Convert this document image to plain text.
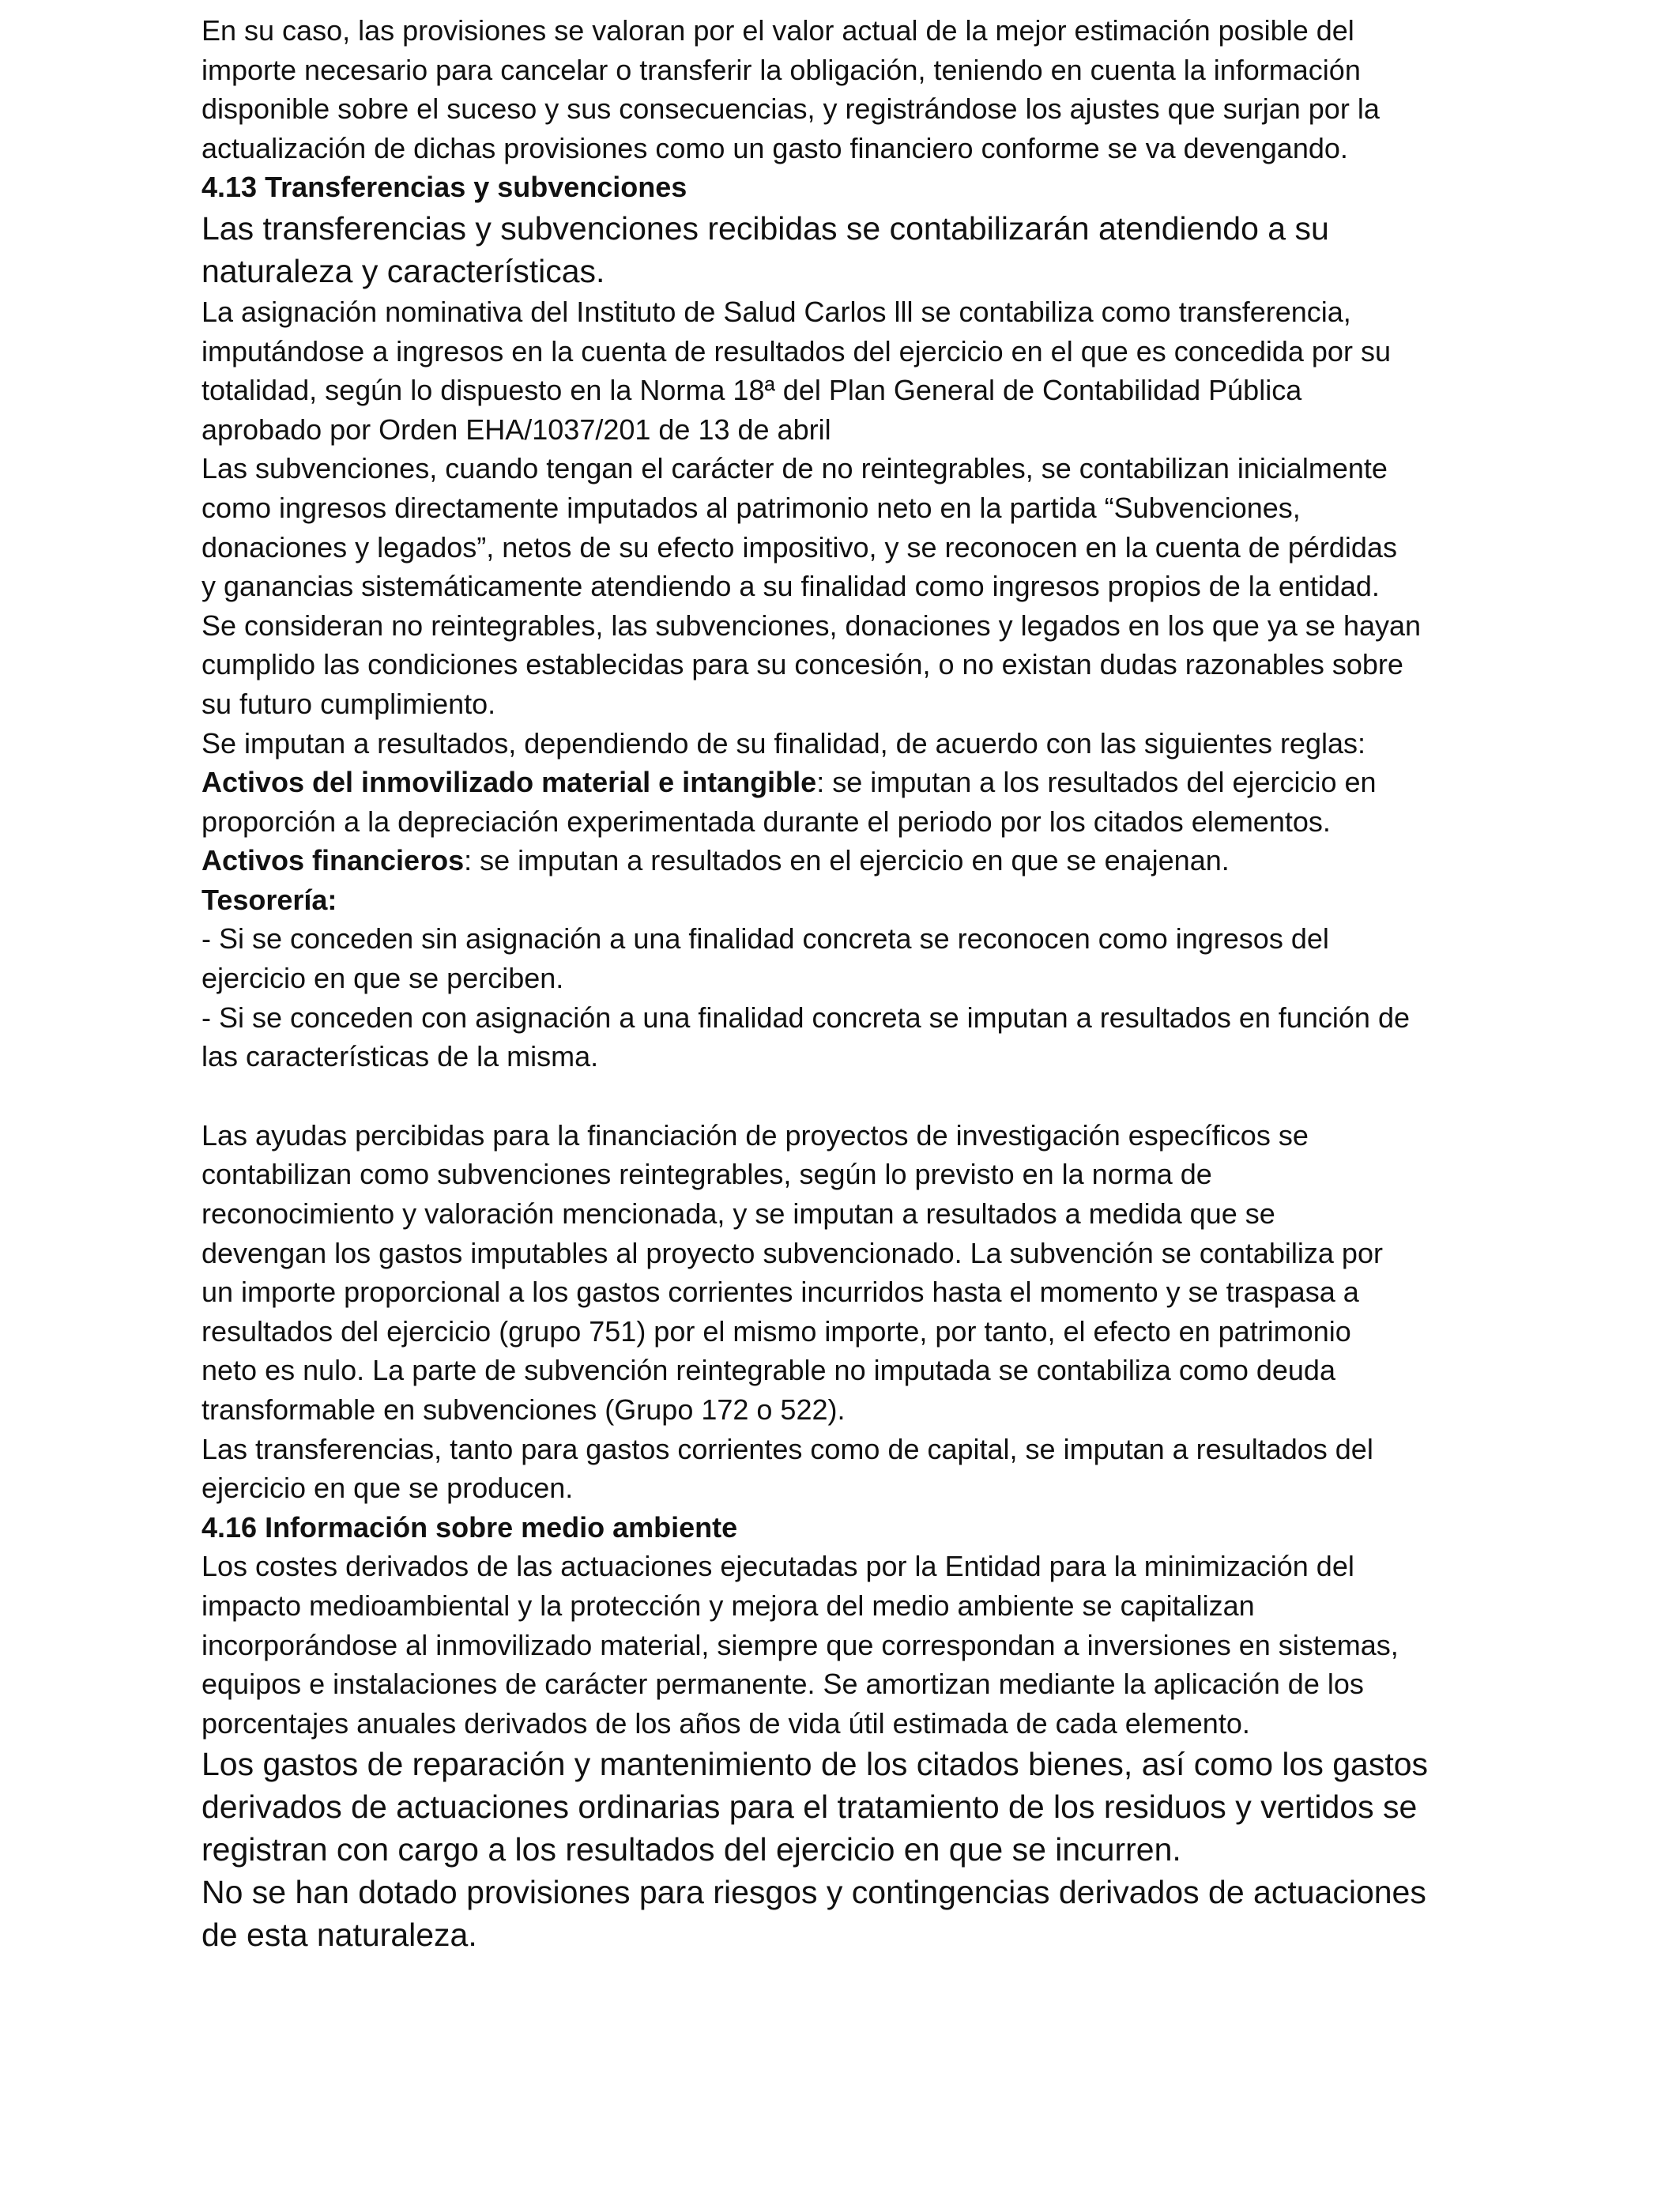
En su caso, las provisiones se valoran por el valor actual de la mejor estimación posible del
importe necesario para cancelar o transferir la obligación, teniendo en cuenta la información
disponible sobre el suceso y sus consecuencias, y registrándose los ajustes que surjan por la
actualización de dichas provisiones como un gasto financiero conforme se va devengando.

4.13 Transferencias y subvenciones

Las transferencias y subvenciones recibidas se contabilizarán atendiendo a su
naturaleza y características.

La asignación nominativa del Instituto de Salud Carlos lll se contabiliza como transferencia,
imputándose a ingresos en la cuenta de resultados del ejercicio en el que es concedida por su
totalidad, según lo dispuesto en la Norma 18ª del Plan General de Contabilidad Pública
aprobado por Orden EHA/1037/201 de 13 de abril

Las subvenciones, cuando tengan el carácter de no reintegrables, se contabilizan inicialmente
como ingresos directamente imputados al patrimonio neto en la partida “Subvenciones,
donaciones y legados”, netos de su efecto impositivo, y se reconocen en la cuenta de pérdidas
y ganancias sistemáticamente atendiendo a su finalidad como ingresos propios de la entidad.

Se consideran no reintegrables, las subvenciones, donaciones y legados en los que ya se hayan
cumplido las condiciones establecidas para su concesión, o no existan dudas razonables sobre
su futuro cumplimiento.

Se imputan a resultados, dependiendo de su finalidad, de acuerdo con las siguientes reglas:

Activos del inmovilizado material e intangible: se imputan a los resultados del ejercicio en
proporción a la depreciación experimentada durante el periodo por los citados elementos.

Activos financieros: se imputan a resultados en el ejercicio en que se enajenan.

Tesorería:

- Si se conceden sin asignación a una finalidad concreta se reconocen como ingresos del
ejercicio en que se perciben.

- Si se conceden con asignación a una finalidad concreta se imputan a resultados en función de
las características de la misma.

Las ayudas percibidas para la financiación de proyectos de investigación específicos se
contabilizan como subvenciones reintegrables, según lo previsto en la norma de
reconocimiento y valoración mencionada, y se imputan a resultados a medida que se
devengan los gastos imputables al proyecto subvencionado. La subvención se contabiliza por
un importe proporcional a los gastos corrientes incurridos hasta el momento y se traspasa a
resultados del ejercicio (grupo 751) por el mismo importe, por tanto, el efecto en patrimonio
neto es nulo. La parte de subvención reintegrable no imputada se contabiliza como deuda
transformable en subvenciones (Grupo 172 o 522).

Las transferencias, tanto para gastos corrientes como de capital, se imputan a resultados del
ejercicio en que se producen.

4.16 Información sobre medio ambiente

Los costes derivados de las actuaciones ejecutadas por la Entidad para la minimización del
impacto medioambiental y la protección y mejora del medio ambiente se capitalizan
incorporándose al inmovilizado material, siempre que correspondan a inversiones en sistemas,
equipos e instalaciones de carácter permanente. Se amortizan mediante la aplicación de los
porcentajes anuales derivados de los años de vida útil estimada de cada elemento.

Los gastos de reparación y mantenimiento de los citados bienes, así como los gastos
derivados de actuaciones ordinarias para el tratamiento de los residuos y vertidos se
registran con cargo a los resultados del ejercicio en que se incurren.

No se han dotado provisiones para riesgos y contingencias derivados de actuaciones
de esta naturaleza.
